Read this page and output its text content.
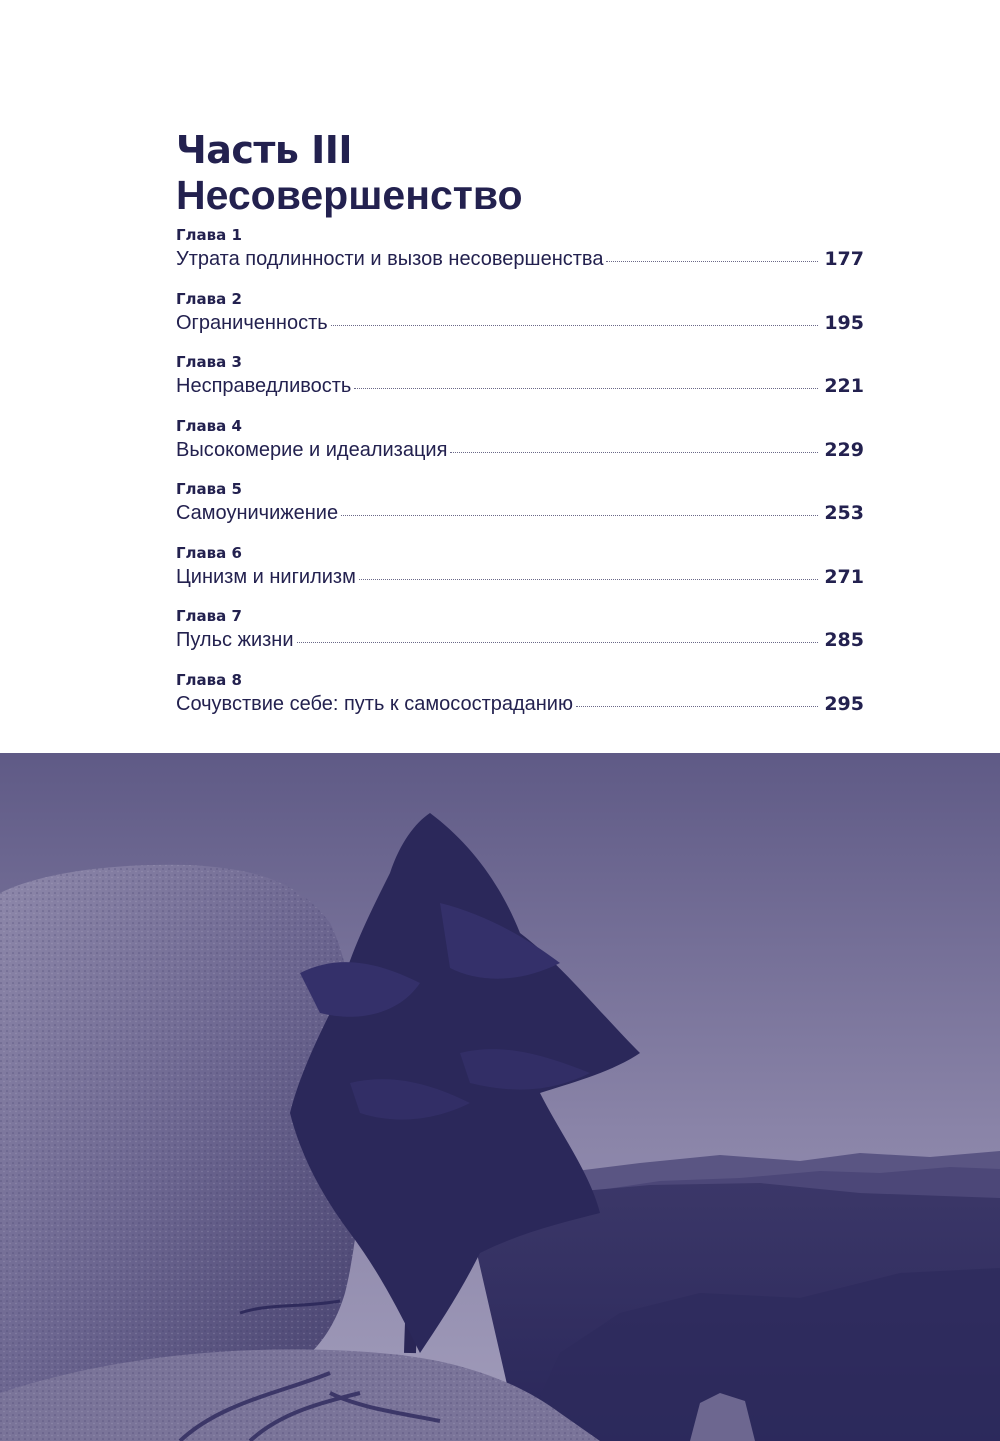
Часть III
Несовершенство
Глава 1
Утрата подлинности и вызов несовершенства	177
Глава 2
Ограниченность	195
Глава 3
Несправедливость	221
Глава 4
Высокомерие и идеализация	229
Глава 5
Самоуничижение	253
Глава 6
Цинизм и нигилизм	271
Глава 7
Пульс жизни	285
Глава 8
Сочувствие себе: путь к самосостраданию	295
